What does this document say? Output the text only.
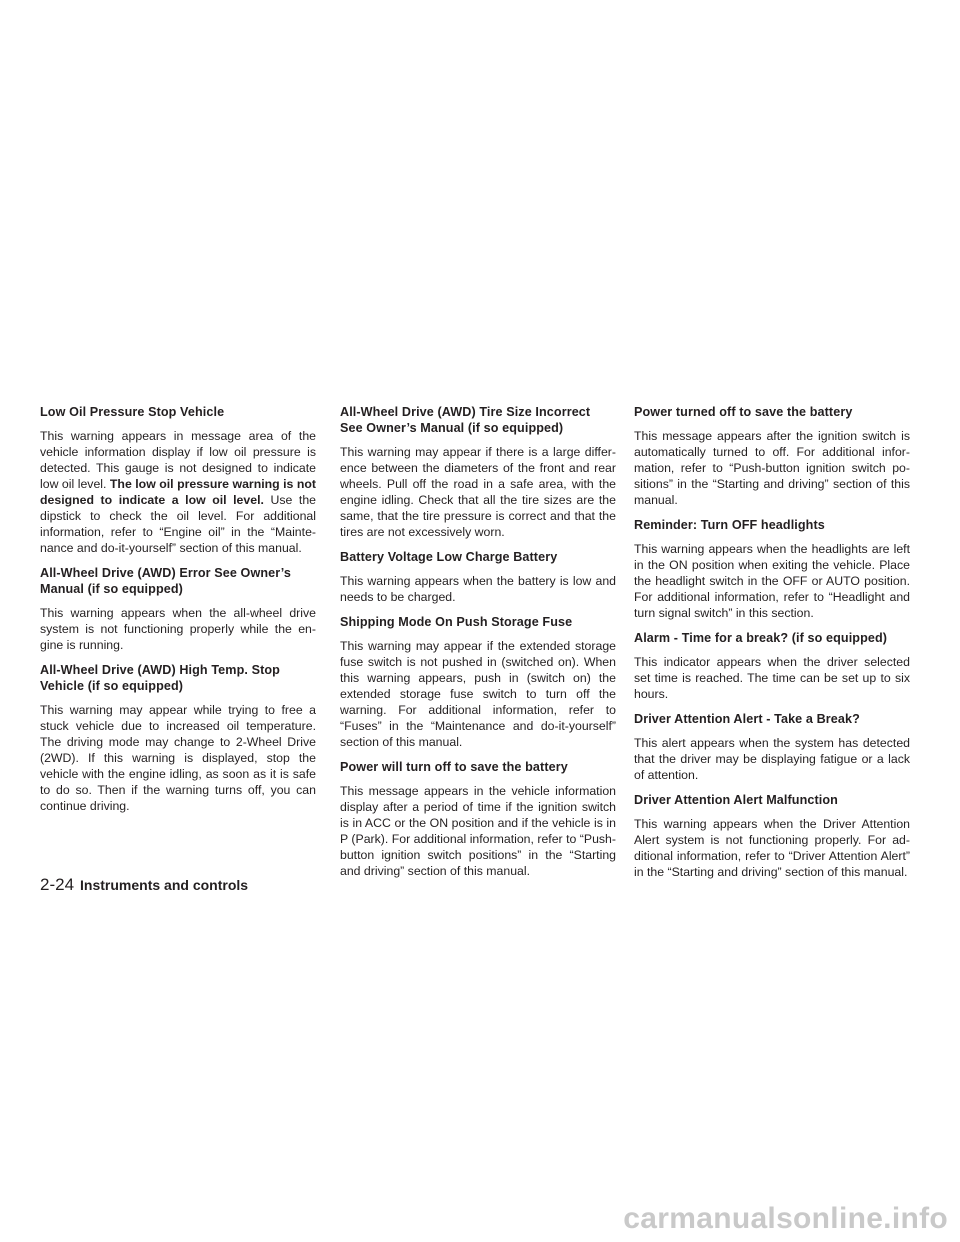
Low Oil Pressure Stop Vehicle
This warning appears in message area of the vehicle information display if low oil pressure is detected. This gauge is not designed to indicate low oil level. The low oil pressure warning is not designed to indicate a low oil level. Use the dipstick to check the oil level. For additional information, refer to “Engine oil” in the “Mainte-nance and do-it-yourself” section of this manual.
All-Wheel Drive (AWD) Error See Owner’s Manual (if so equipped)
This warning appears when the all-wheel drive system is not functioning properly while the en-gine is running.
All-Wheel Drive (AWD) High Temp. Stop Vehicle (if so equipped)
This warning may appear while trying to free a stuck vehicle due to increased oil temperature. The driving mode may change to 2-Wheel Drive (2WD). If this warning is displayed, stop the vehicle with the engine idling, as soon as it is safe to do so. Then if the warning turns off, you can continue driving.
All-Wheel Drive (AWD) Tire Size Incorrect See Owner’s Manual (if so equipped)
This warning may appear if there is a large differ-ence between the diameters of the front and rear wheels. Pull off the road in a safe area, with the engine idling. Check that all the tire sizes are the same, that the tire pressure is correct and that the tires are not excessively worn.
Battery Voltage Low Charge Battery
This warning appears when the battery is low and needs to be charged.
Shipping Mode On Push Storage Fuse
This warning may appear if the extended storage fuse switch is not pushed in (switched on). When this warning appears, push in (switch on) the extended storage fuse switch to turn off the warning. For additional information, refer to “Fuses” in the “Maintenance and do-it-yourself” section of this manual.
Power will turn off to save the battery
This message appears in the vehicle information display after a period of time if the ignition switch is in ACC or the ON position and if the vehicle is in P (Park). For additional information, refer to “Push-button ignition switch positions” in the “Starting and driving” section of this manual.
Power turned off to save the battery
This message appears after the ignition switch is automatically turned to off. For additional infor-mation, refer to “Push-button ignition switch po-sitions” in the “Starting and driving” section of this manual.
Reminder: Turn OFF headlights
This warning appears when the headlights are left in the ON position when exiting the vehicle. Place the headlight switch in the OFF or AUTO position. For additional information, refer to “Headlight and turn signal switch” in this section.
Alarm - Time for a break? (if so equipped)
This indicator appears when the driver selected set time is reached. The time can be set up to six hours.
Driver Attention Alert - Take a Break?
This alert appears when the system has detected that the driver may be displaying fatigue or a lack of attention.
Driver Attention Alert Malfunction
This warning appears when the Driver Attention Alert system is not functioning properly. For ad-ditional information, refer to “Driver Attention Alert” in the “Starting and driving” section of this manual.
2-24 Instruments and controls
carmanualsonline.info
